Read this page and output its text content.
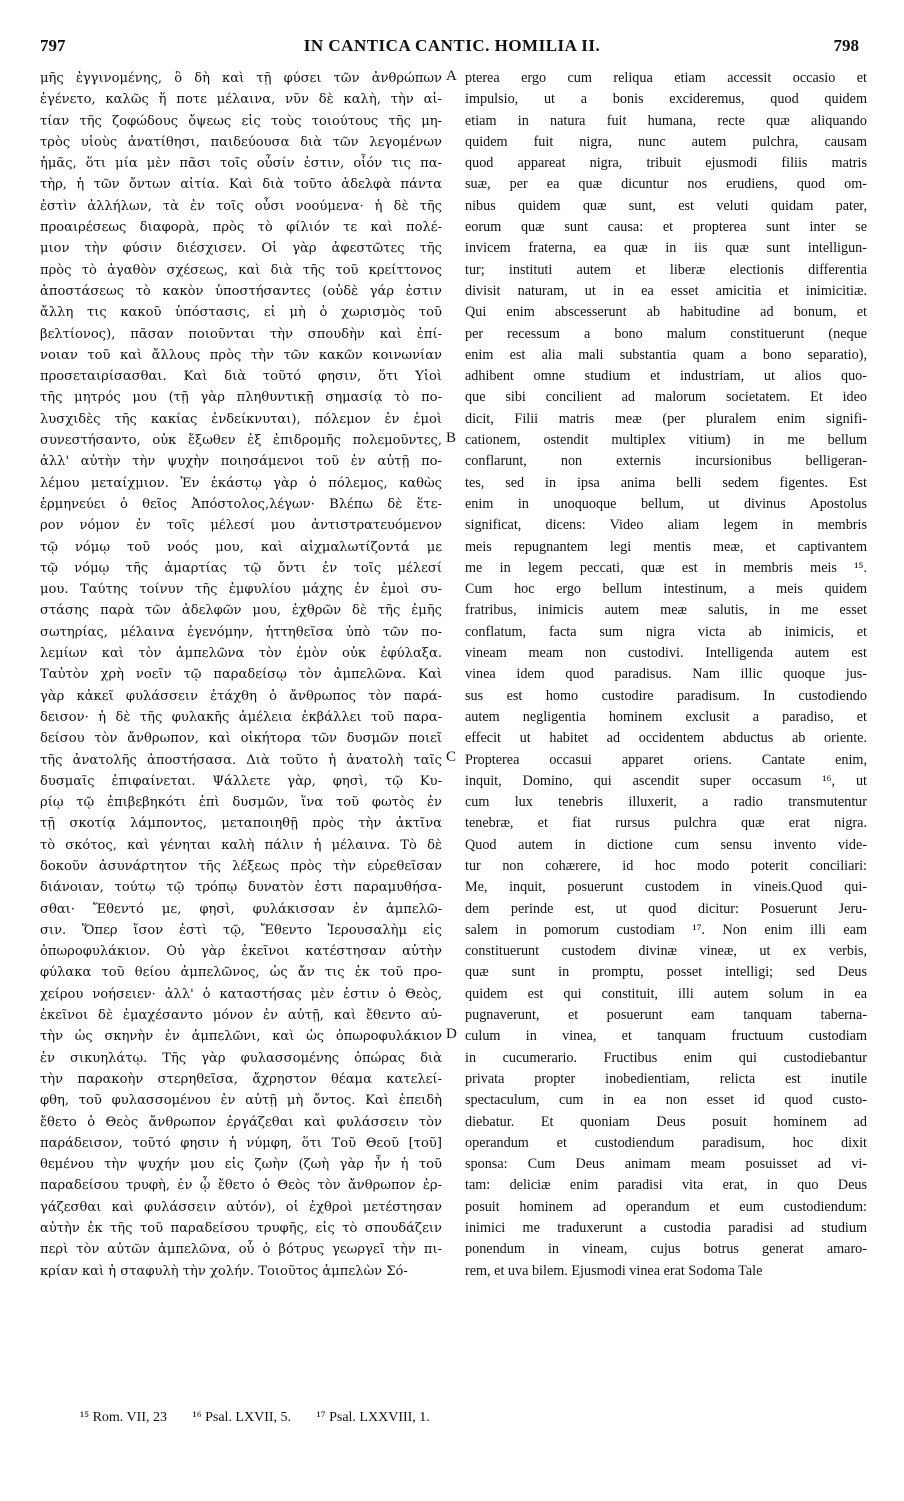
797	IN CANTICA CANTIC. HOMILIA II.	798
μῆς ἐγγινομένης, ὃ δὴ καὶ τῇ φύσει τῶν ἀνθρώπων
ἐγένετο, καλῶς ἥ ποτε μέλαινα, νῦν δὲ καλὴ, τὴν αἰ-
τίαν τῆς ζοφώδους ὄψεως εἰς τοὺς τοιούτους τῆς μη-
τρὸς υἱοὺς ἀνατίθησι, παιδεύουσα διὰ τῶν λεγομένων
ἡμᾶς, ὅτι μία μὲν πᾶσι τοῖς οὖσίν ἐστιν, οἷόν τις πα-
τὴρ, ἡ τῶν ὄντων αἰτία. Καὶ διὰ τοῦτο ἀδελφὰ πάντα
ἐστὶν ἀλλήλων, τὰ ἐν τοῖς οὖσι νοούμενα· ἡ δὲ τῆς
προαιρέσεως διαφορὰ, πρὸς τὸ φίλιόν τε καὶ πολέ-
μιον τὴν φύσιν διέσχισεν. Οἱ γὰρ ἀφεστῶτες τῆς
πρὸς τὸ ἀγαθὸν σχέσεως, καὶ διὰ τῆς τοῦ κρείττονος
ἀποστάσεως τὸ κακὸν ὑποστήσαντες (οὐδὲ γάρ ἐστιν
ἄλλη τις κακοῦ ὑπόστασις, εἰ μὴ ὁ χωρισμὸς τοῦ
βελτίονος), πᾶσαν ποιοῦνται τὴν σπουδὴν καὶ ἐπί-
νοιαν τοῦ καὶ ἄλλους πρὸς τὴν τῶν κακῶν κοινωνίαν
προσεταιρίσασθαι. Καὶ διὰ τοῦτό φησιν, ὅτι Υἱοὶ
τῆς μητρός μου (τῇ γὰρ πληθυντικῇ σημασίᾳ τὸ πο-
λυσχιδὲς τῆς κακίας ἐνδείκνυται), πόλεμον ἐν ἐμοὶ
συνεστήσαντο, οὐκ ἔξωθεν ἐξ ἐπιδρομῆς πολεμοῦντες,
ἀλλ' αὐτὴν τὴν ψυχὴν ποιησάμενοι τοῦ ἐν αὐτῇ πο-
λέμου μεταίχμιον. Ἐν ἑκάστῳ γὰρ ὁ πόλεμος, καθὼς
ἑρμηνεύει ὁ θεῖος Ἀπόστολος,λέγων· Βλέπω δὲ ἕτε-
ρον νόμον ἐν τοῖς μέλεσί μου ἀντιστρατευόμενον
τῷ νόμῳ τοῦ νοός μου, καὶ αἰχμαλωτίζοντά με
τῷ νόμῳ τῆς ἁμαρτίας τῷ ὄντι ἐν τοῖς μέλεσί
μου. Ταύτης τοίνυν τῆς ἐμφυλίου μάχης ἐν ἐμοὶ συ-
στάσης παρὰ τῶν ἀδελφῶν μου, ἐχθρῶν δὲ τῆς ἐμῆς
σωτηρίας, μέλαινα ἐγενόμην, ἡττηθεῖσα ὑπὸ τῶν πο-
λεμίων καὶ τὸν ἀμπελῶνα τὸν ἐμὸν οὐκ ἐφύλαξα.
Ταὐτὸν χρὴ νοεῖν τῷ παραδείσῳ τὸν ἀμπελῶνα. Καὶ
γὰρ κἀκεῖ φυλάσσειν ἐτάχθη ὁ ἄνθρωπος τὸν παρά-
δεισον· ἡ δὲ τῆς φυλακῆς ἀμέλεια ἐκβάλλει τοῦ παρα-
δείσου τὸν ἄνθρωπον, καὶ οἰκήτορα τῶν δυσμῶν ποιεῖ
τῆς ἀνατολῆς ἀποστήσασα. Διὰ τοῦτο ἡ ἀνατολὴ ταῖς
δυσμαῖς ἐπιφαίνεται. Ψάλλετε γὰρ, φησὶ, τῷ Κυ-
ρίῳ τῷ ἐπιβεβηκότι ἐπὶ δυσμῶν, ἵνα τοῦ φωτὸς ἐν
τῇ σκοτίᾳ λάμποντος, μεταποιηθῇ πρὸς τὴν ἀκτῖνα
τὸ σκότος, καὶ γένηται καλὴ πάλιν ἡ μέλαινα. Τὸ δὲ
δοκοῦν ἀσυνάρτητον τῆς λέξεως πρὸς τὴν εὑρεθεῖσαν
διάνοιαν, τούτῳ τῷ τρόπῳ δυνατὸν ἐστι παραμυθήσα-
σθαι· Ἔθεντό με, φησὶ, φυλάκισσαν ἐν ἀμπελῶ-
σιν. Ὅπερ ἴσον ἐστὶ τῷ, Ἔθεντο Ἰερουσαλὴμ εἰς
ὀπωροφυλάκιον. Οὐ γὰρ ἐκεῖνοι κατέστησαν αὐτὴν
φύλακα τοῦ θείου ἀμπελῶνος, ὡς ἄν τις ἐκ τοῦ προ-
χείρου νοήσειεν· ἀλλ' ὁ καταστήσας μὲν ἐστιν ὁ Θεὸς,
ἐκεῖνοι δὲ ἐμαχέσαντο μόνον ἐν αὐτῇ, καὶ ἔθεντο αὐ-
τὴν ὡς σκηνὴν ἐν ἀμπελῶνι, καὶ ὡς ὀπωροφυλάκιον
ἐν σικυηλάτῳ. Τῆς γὰρ φυλασσομένης ὀπώρας διὰ
τὴν παρακοὴν στερηθεῖσα, ἄχρηστον θέαμα κατελεί-
φθη, τοῦ φυλασσομένου ἐν αὐτῇ μὴ ὄντος. Καὶ ἐπειδὴ
ἔθετο ὁ Θεὸς ἄνθρωπον ἐργάζεθαι καὶ φυλάσσειν τὸν
παράδεισον, τοῦτό φησιν ἡ νύμφη, ὅτι Τοῦ Θεοῦ [τοῦ]
θεμένου τὴν ψυχήν μου εἰς ζωὴν (ζωὴ γὰρ ἦν ἡ τοῦ
παραδείσου τρυφὴ, ἐν ᾧ ἔθετο ὁ Θεὸς τὸν ἄνθρωπον ἐρ-
γάζεσθαι καὶ φυλάσσειν αὐτόν), οἱ ἐχθροὶ μετέστησαν
αὐτὴν ἐκ τῆς τοῦ παραδείσου τρυφῆς, εἰς τὸ σπουδάζειν
περὶ τὸν αὐτῶν ἀμπελῶνα, οὗ ὁ βότρυς γεωργεῖ τὴν πι-
κρίαν καὶ ἡ σταφυλὴ τὴν χολήν. Τοιοῦτος ἀμπελὼν Σό-
pterea ergo cum reliqua etiam accessit occasio et
impulsio, ut a bonis excideremus, quod quidem
etiam in natura fuit humana, recte quæ aliquando
quidem fuit nigra, nunc autem pulchra, causam
quod appareat nigra, tribuit ejusmodi filiis matris
suæ, per ea quæ dicuntur nos erudiens, quod om-
nibus quidem quæ sunt, est veluti quidam pater,
eorum quæ sunt causa: et propterea sunt inter se
invicem fraterna, ea quæ in iis quæ sunt intelligun-
tur; instituti autem et liberæ electionis differentia
divisit naturam, ut in ea esset amicitia et inimicitiæ.
Qui enim abscesserunt ab habitudine ad bonum, et
per recessum a bono malum constituerunt (neque
enim est alia mali substantia quam a bono separatio),
adhibent omne studium et industriam, ut alios quo-
que sibi concilient ad malorum societatem. Et ideo
dicit, Filii matris meæ (per pluralem enim signifi-
cationem, ostendit multiplex vitium) in me bellum
conflarunt, non externis incursionibus belligeran-
tes, sed in ipsa anima belli sedem figentes. Est
enim in unoquoque bellum, ut divinus Apostolus
significat, dicens: Video aliam legem in membris
meis repugnantem legi mentis meæ, et captivantem
me in legem peccati, quæ est in membris meis ¹⁵.
Cum hoc ergo bellum intestinum, a meis quidem
fratribus, inimicis autem meæ salutis, in me esset
conflatum, facta sum nigra victa ab inimicis, et
vineam meam non custodivi. Intelligenda autem est
vinea idem quod paradisus. Nam illic quoque jus-
sus est homo custodire paradisum. In custodiendo
autem negligentia hominem exclusit a paradiso, et
effecit ut habitet ad occidentem abductus ab oriente.
Propterea occasui apparet oriens. Cantate enim,
inquit, Domino, qui ascendit super occasum ¹⁶, ut
cum lux tenebris illuxerit, a radio transmutentur
tenebræ, et fiat rursus pulchra quæ erat nigra.
Quod autem in dictione cum sensu invento vide-
tur non cohærere, id hoc modo poterit conciliari:
Me, inquit, posuerunt custodem in vineis.Quod qui-
dem perinde est, ut quod dicitur: Posuerunt Jeru-
salem in pomorum custodiam ¹⁷. Non enim illi eam
constituerunt custodem divinæ vineæ, ut ex verbis,
quæ sunt in promptu, posset intelligi; sed Deus
quidem est qui constituit, illi autem solum in ea
pugnaverunt, et posuerunt eam tanquam taberna-
culum in vinea, et tanquam fructuum custodiam
in cucumerario. Fructibus enim qui custodiebantur
privata propter inobedientiam, relicta est inutile
spectaculum, cum in ea non esset id quod custo-
diebatur. Et quoniam Deus posuit hominem ad
operandum et custodiendum paradisum, hoc dixit
sponsa: Cum Deus animam meam posuisset ad vi-
tam: deliciæ enim paradisi vita erat, in quo Deus
posuit hominem ad operandum et eum custodiendum:
inimici me traduxerunt a custodia paradisi ad studium
ponendum in vineam, cujus botrus generat amaro-
rem, et uva bilem. Ejusmodi vinea erat Sodoma Tale
A
B
C
D
¹⁵ Rom. VII, 23 ¹⁶ Psal. LXVII, 5. ¹⁷ Psal. LXXVIII, 1.
